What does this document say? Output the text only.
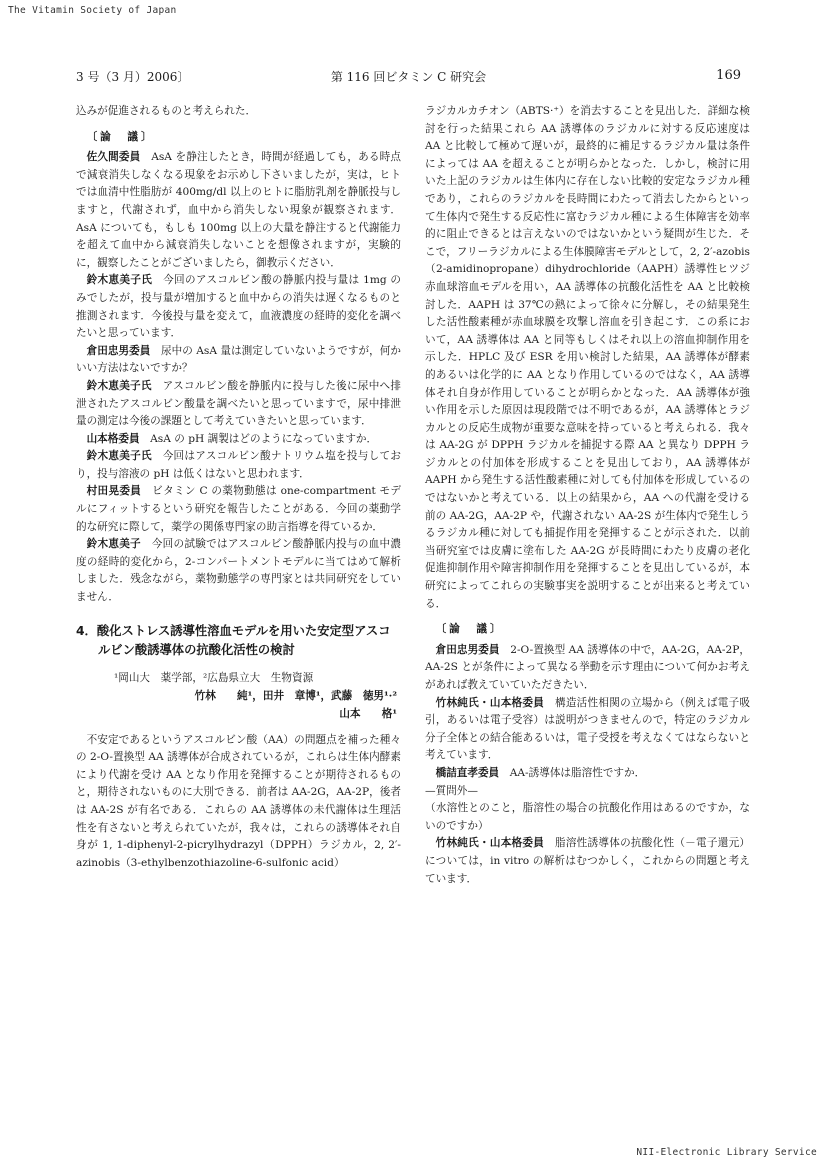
The Vitamin Society of Japan
3 号（3 月）2006〕	第 116 回ビタミン C 研究会	169

込みが促進されるものと考えられた．

〔論　議〕

佐久間委員　 AsA を静注したとき，時間が経過しても，ある時点で減衰消失しなくなる現象をお示めし下さいましたが，実は，ヒトでは血清中性脂肪が 400mg/dl 以上のヒトに脂肪乳剤を静脈投与しますと，代謝されず，血中から消失しない現象が観察されます．AsA についても，もしも 100mg 以上の大量を静注すると代謝能力を超えて血中から減衰消失しないことを想像されますが，実験的に，観察したことがございましたら，御教示ください．

鈴木恵美子氏　 今回のアスコルビン酸の静脈内投与量は 1mg のみでしたが，投与量が増加すると血中からの消失は遅くなるものと推測されます．今後投与量を変えて，血液濃度の経時的変化を調べたいと思っています．

倉田忠男委員　 尿中の AsA 量は測定していないようですが，何かいい方法はないですか？

鈴木恵美子氏　 アスコルビン酸を静脈内に投与した後に尿中へ排泄されたアスコルビン酸量を調べたいと思っていますで，尿中排泄量の測定は今後の課題として考えていきたいと思っています．

山本格委員　 AsA の pH 調製はどのようになっていますか．

鈴木恵美子氏　 今回はアスコルビン酸ナトリウム塩を投与しており，投与溶液の pH は低くはないと思われます．

村田晃委員　 ビタミン C の薬物動態は one-compartment モデルにフィットするという研究を報告したことがある．今回の薬動学的な研究に際して，薬学の関係専門家の助言指導を得ているか．

鈴木恵美子　 今回の試験ではアスコルビン酸静脈内投与の血中濃度の経時的変化から，2-コンパートメントモデルに当てはめて解析しました．残念ながら，薬物動態学の専門家とは共同研究をしていません．

4．酸化ストレス誘導性溶血モデルを用いた安定型アスコルビン酸誘導体の抗酸化活性の検討
¹岡山大　薬学部，²広島県立大　生物資源
竹林　　純¹，田井　章博¹，武藤　徳男¹·²
山本　　格¹

不安定であるというアスコルビン酸（AA）の問題点を補った種々の 2-O-置換型 AA 誘導体が合成されているが，これらは生体内酵素により代謝を受け AA となり作用を発揮することが期待されるものと，期待されないものに大別できる．前者は AA-2G，AA-2P，後者は AA-2S が有名である．これらの AA 誘導体の未代謝体は生理活性を有さないと考えられていたが，我々は，これらの誘導体それ自身が 1, 1-diphenyl-2-picrylhydrazyl（DPPH）ラジカル，2, 2′-azinobis（3-ethylbenzothiazoline-6-sulfonic acid）

ラジカルカチオン（ABTS·⁺）を消去することを見出した．詳細な検討を行った結果これら AA 誘導体のラジカルに対する反応速度は AA と比較して極めて遅いが，最終的に補足するラジカル量は条件によっては AA を超えることが明らかとなった．しかし，検討に用いた上記のラジカルは生体内に存在しない比較的安定なラジカル種であり，これらのラジカルを長時間にわたって消去したからといって生体内で発生する反応性に富むラジカル種による生体障害を効率的に阻止できるとは言えないのではないかという疑問が生じた．そこで，フリーラジカルによる生体膜障害モデルとして，2, 2′-azobis（2-amidinopropane）dihydrochloride（AAPH）誘導性ヒツジ赤血球溶血モデルを用い，AA 誘導体の抗酸化活性を AA と比較検討した．AAPH は 37℃の熱によって徐々に分解し，その結果発生した活性酸素種が赤血球膜を攻撃し溶血を引き起こす．この系において，AA 誘導体は AA と同等もしくはそれ以上の溶血抑制作用を示した．HPLC 及び ESR を用い検討した結果，AA 誘導体が酵素的あるいは化学的に AA となり作用しているのではなく，AA 誘導体それ自身が作用していることが明らかとなった．AA 誘導体が強い作用を示した原因は現段階では不明であるが，AA 誘導体とラジカルとの反応生成物が重要な意味を持っていると考えられる．我々は AA-2G が DPPH ラジカルを捕捉する際 AA と異なり DPPH ラジカルとの付加体を形成することを見出しており，AA 誘導体が AAPH から発生する活性酸素種に対しても付加体を形成しているのではないかと考えている．以上の結果から，AA への代謝を受ける前の AA-2G，AA-2P や，代謝されない AA-2S が生体内で発生しうるラジカル種に対しても捕捉作用を発揮することが示された．以前当研究室では皮膚に塗布した AA-2G が長時間にわたり皮膚の老化促進抑制作用や障害抑制作用を発揮することを見出しているが，本研究によってこれらの実験事実を説明することが出来ると考えている．

〔論　議〕

倉田忠男委員　 2-O-置換型 AA 誘導体の中で，AA-2G，AA-2P，AA-2S とが条件によって異なる挙動を示す理由について何かお考えがあれば教えていていただきたい．

竹林純氏・山本格委員　 構造活性相関の立場から（例えば電子吸引，あるいは電子受容）は説明がつきませんので，特定のラジカル分子全体との結合能あるいは，電子受授を考えなくてはならないと考えています．

橋詰直孝委員　 AA-誘導体は脂溶性ですか．

—質問外—

（水溶性とのこと，脂溶性の場合の抗酸化作用はあるのですか，ないのですか）

竹林純氏・山本格委員　 脂溶性誘導体の抗酸化性（－電子還元）については，in vitro の解析はむつかしく，これからの問題と考えています．

NII-Electronic Library Service
